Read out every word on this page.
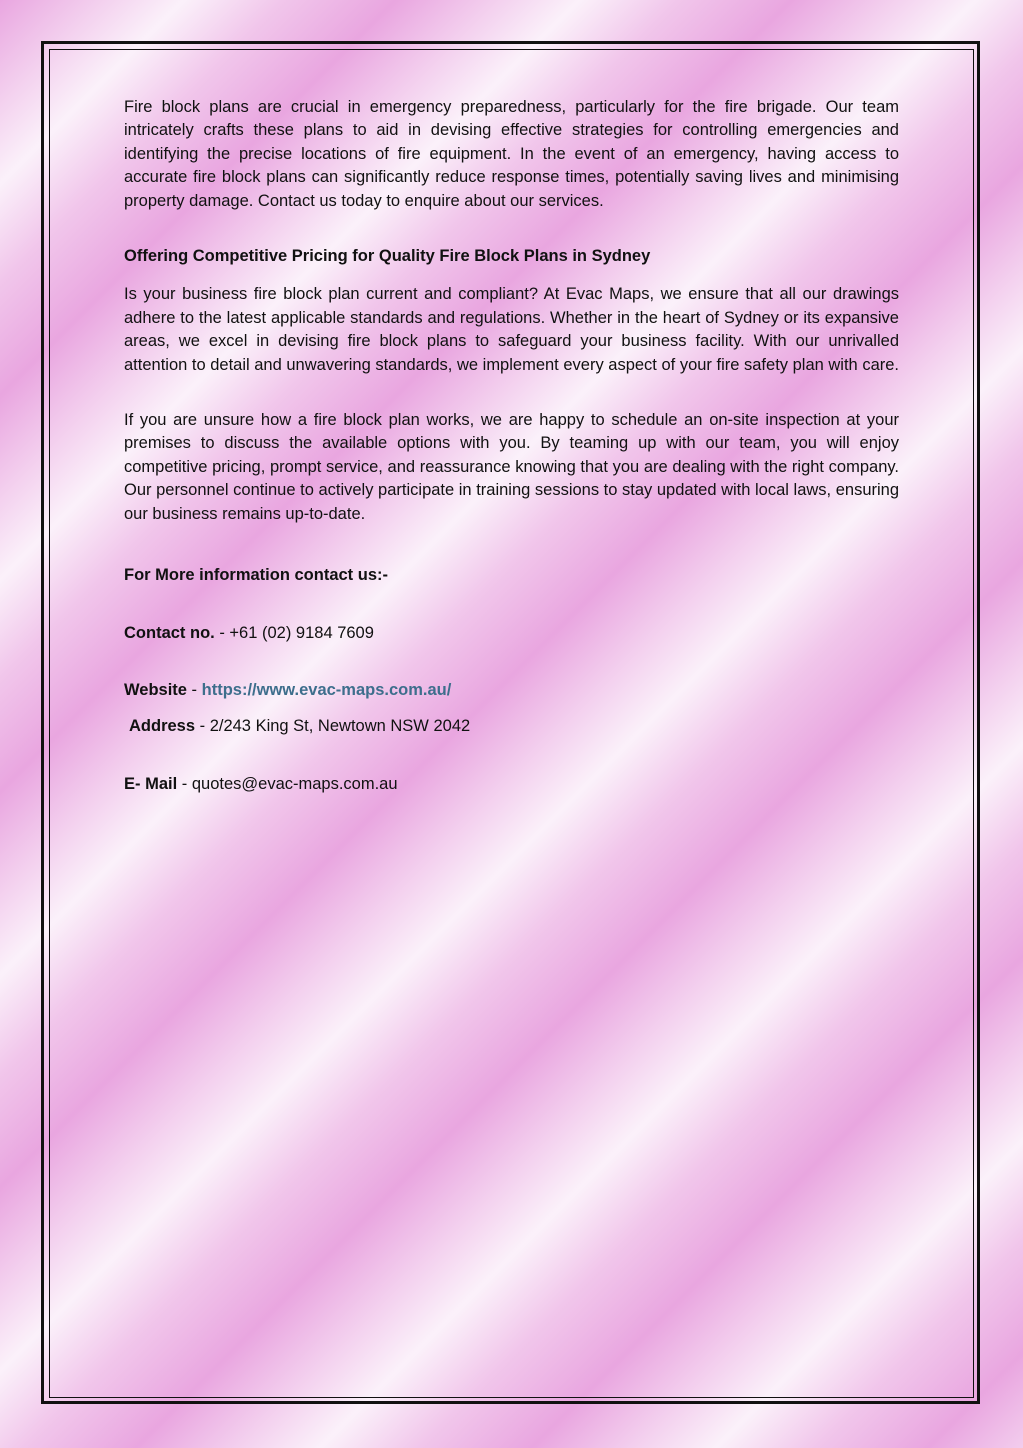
Fire block plans are crucial in emergency preparedness, particularly for the fire brigade. Our team intricately crafts these plans to aid in devising effective strategies for controlling emergencies and identifying the precise locations of fire equipment. In the event of an emergency, having access to accurate fire block plans can significantly reduce response times, potentially saving lives and minimising property damage. Contact us today to enquire about our services.

Offering Competitive Pricing for Quality Fire Block Plans in Sydney

Is your business fire block plan current and compliant? At Evac Maps, we ensure that all our drawings adhere to the latest applicable standards and regulations. Whether in the heart of Sydney or its expansive areas, we excel in devising fire block plans to safeguard your business facility. With our unrivalled attention to detail and unwavering standards, we implement every aspect of your fire safety plan with care.

If you are unsure how a fire block plan works, we are happy to schedule an on-site inspection at your premises to discuss the available options with you. By teaming up with our team, you will enjoy competitive pricing, prompt service, and reassurance knowing that you are dealing with the right company. Our personnel continue to actively participate in training sessions to stay updated with local laws, ensuring our business remains up-to-date.

For More information contact us:-

Contact no. - +61 (02) 9184 7609

Website - https://www.evac-maps.com.au/

Address - 2/243 King St, Newtown NSW 2042

E- Mail - quotes@evac-maps.com.au
